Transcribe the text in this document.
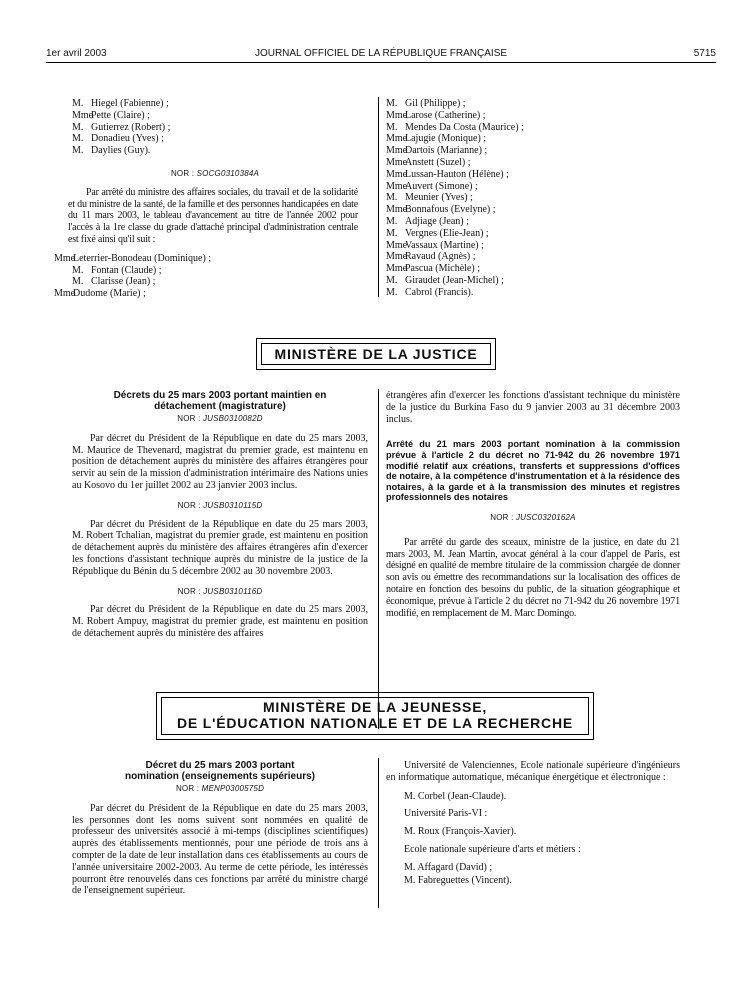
1er avril 2003	JOURNAL OFFICIEL DE LA RÉPUBLIQUE FRANÇAISE	5715
M. Hiegel (Fabienne) ;
MmePette (Claire) ;
M. Gutierrez (Robert) ;
M. Donadieu (Yves) ;
M. Daylies (Guy).
NOR : SOCG0310384A

Par arrêté du ministre des affaires sociales, du travail et de la solidarité et du ministre de la santé, de la famille et des personnes handicapées en date du 11 mars 2003, le tableau d'avancement au titre de l'année 2002 pour l'accès à la 1re classe du grade d'attaché principal d'administration centrale est fixé ainsi qu'il suit :

MmeLeterrier-Bonodeau (Dominique) ;
M. Fontan (Claude) ;
M. Clarisse (Jean) ;
MmeDudome (Marie) ;
M. Gil (Philippe) ;
MmeLarose (Catherine) ;
M. Mendes Da Costa (Maurice) ;
MmeLajugie (Monique) ;
MmeDartois (Marianne) ;
MmeAnstett (Suzel) ;
MmeLussan-Hauton (Hélène) ;
MmeAuvert (Simone) ;
M. Meunier (Yves) ;
MmeBonnafous (Evelyne) ;
M. Adjiage (Jean) ;
M. Vergnes (Elie-Jean) ;
MmeVassaux (Martine) ;
MmeRavaud (Agnès) ;
MmePascua (Michèle) ;
M. Giraudet (Jean-Michel) ;
M. Cabrol (Francis).
MINISTÈRE DE LA JUSTICE

Décrets du 25 mars 2003 portant maintien en détachement (magistrature)

NOR : JUSB0310082D

Par décret du Président de la République en date du 25 mars 2003, M. Maurice de Thevenard, magistrat du premier grade, est maintenu en position de détachement auprès du ministère des affaires étrangères pour servir au sein de la mission d'administration intérimaire des Nations unies au Kosovo du 1er juillet 2002 au 23 janvier 2003 inclus.

NOR : JUSB0310115D

Par décret du Président de la République en date du 25 mars 2003, M. Robert Tchalian, magistrat du premier grade, est maintenu en position de détachement auprès du ministère des affaires étrangères afin d'exercer les fonctions d'assistant technique auprès du ministre de la justice de la République du Bénin du 5 décembre 2002 au 30 novembre 2003.

NOR : JUSB0310116D

Par décret du Président de la République en date du 25 mars 2003, M. Robert Ampuy, magistrat du premier grade, est maintenu en position de détachement auprès du ministère des affaires

étrangères afin d'exercer les fonctions d'assistant technique du ministère de la justice du Burkina Faso du 9 janvier 2003 au 31 décembre 2003 inclus.

Arrêté du 21 mars 2003 portant nomination à la commission prévue à l'article 2 du décret no 71-942 du 26 novembre 1971 modifié relatif aux créations, transferts et suppressions d'offices de notaire, à la compétence d'instrumentation et à la résidence des notaires, à la garde et à la transmission des minutes et registres professionnels des notaires

NOR : JUSC0320162A

Par arrêté du garde des sceaux, ministre de la justice, en date du 21 mars 2003, M. Jean Martin, avocat général à la cour d'appel de Paris, est désigné en qualité de membre titulaire de la commission chargée de donner son avis ou émettre des recommandations sur la localisation des offices de notaire en fonction des besoins du public, de la situation géographique et économique, prévue à l'article 2 du décret no 71-942 du 26 novembre 1971 modifié, en remplacement de M. Marc Domingo.

MINISTÈRE DE LA JEUNESSE,
DE L'ÉDUCATION NATIONALE ET DE LA RECHERCHE

Décret du 25 mars 2003 portant nomination (enseignements supérieurs)

NOR : MENP0300575D

Par décret du Président de la République en date du 25 mars 2003, les personnes dont les noms suivent sont nommées en qualité de professeur des universités associé à mi-temps (disciplines scientifiques) auprès des établissements mentionnés, pour une période de trois ans à compter de la date de leur installation dans ces établissements au cours de l'année universitaire 2002-2003. Au terme de cette période, les intéressés pourront être renouvelés dans ces fonctions par arrêté du ministre chargé de l'enseignement supérieur.

Université de Valenciennes, Ecole nationale supérieure d'ingénieurs en informatique automatique, mécanique énergétique et électronique :

M. Corbel (Jean-Claude).

Université Paris-VI :

M. Roux (François-Xavier).

Ecole nationale supérieure d'arts et métiers :

M. Affagard (David) ;

M. Fabreguettes (Vincent).
